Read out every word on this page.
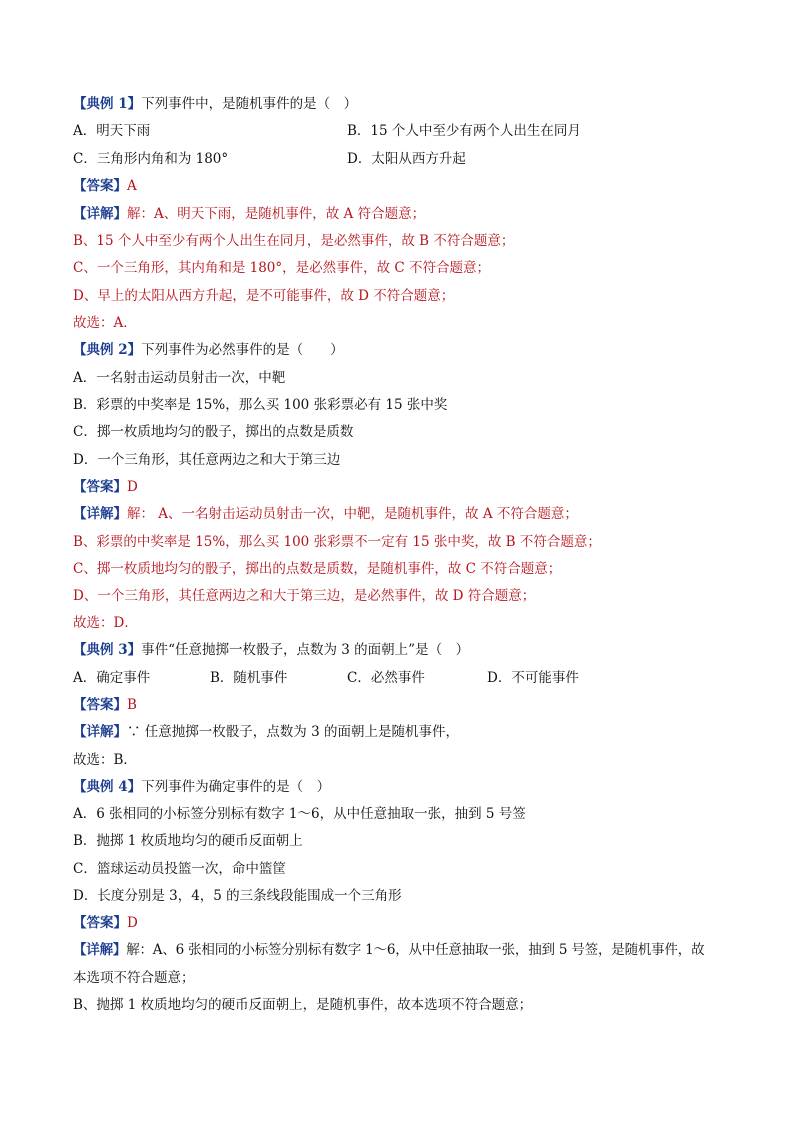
【典例 1】下列事件中，是随机事件的是（　）
A．明天下雨	B．15 个人中至少有两个人出生在同月
C．三角形内角和为 180°	D．太阳从西方升起
【答案】A
【详解】解：A、明天下雨，是随机事件，故 A 符合题意；
B、15 个人中至少有两个人出生在同月，是必然事件，故 B 不符合题意；
C、一个三角形，其内角和是 180°，是必然事件，故 C 不符合题意；
D、早上的太阳从西方升起，是不可能事件，故 D 不符合题意；
故选：A．
【典例 2】下列事件为必然事件的是（　　）
A．一名射击运动员射击一次，中靶
B．彩票的中奖率是 15%，那么买 100 张彩票必有 15 张中奖
C．掷一枚质地均匀的骰子，掷出的点数是质数
D．一个三角形，其任意两边之和大于第三边
【答案】D
【详解】解： A、一名射击运动员射击一次，中靶，是随机事件，故 A 不符合题意；
B、彩票的中奖率是 15%，那么买 100 张彩票不一定有 15 张中奖，故 B 不符合题意；
C、掷一枚质地均匀的骰子，掷出的点数是质数，是随机事件，故 C 不符合题意；
D、一个三角形，其任意两边之和大于第三边，是必然事件，故 D 符合题意；
故选：D．
【典例 3】事件“任意抛掷一枚骰子，点数为 3 的面朝上”是（　）
A．确定事件	B．随机事件	C．必然事件	D．不可能事件
【答案】B
【详解】∵ 任意抛掷一枚骰子，点数为 3 的面朝上是随机事件，
故选：B．
【典例 4】下列事件为确定事件的是（　）
A．6 张相同的小标签分别标有数字 1～6，从中任意抽取一张，抽到 5 号签
B．抛掷 1 枚质地均匀的硬币反面朝上
C．篮球运动员投篮一次，命中篮筐
D．长度分别是 3，4，5 的三条线段能围成一个三角形
【答案】D
【详解】解：A、6 张相同的小标签分别标有数字 1～6，从中任意抽取一张，抽到 5 号签，是随机事件，故
本选项不符合题意；
B、抛掷 1 枚质地均匀的硬币反面朝上，是随机事件，故本选项不符合题意；
